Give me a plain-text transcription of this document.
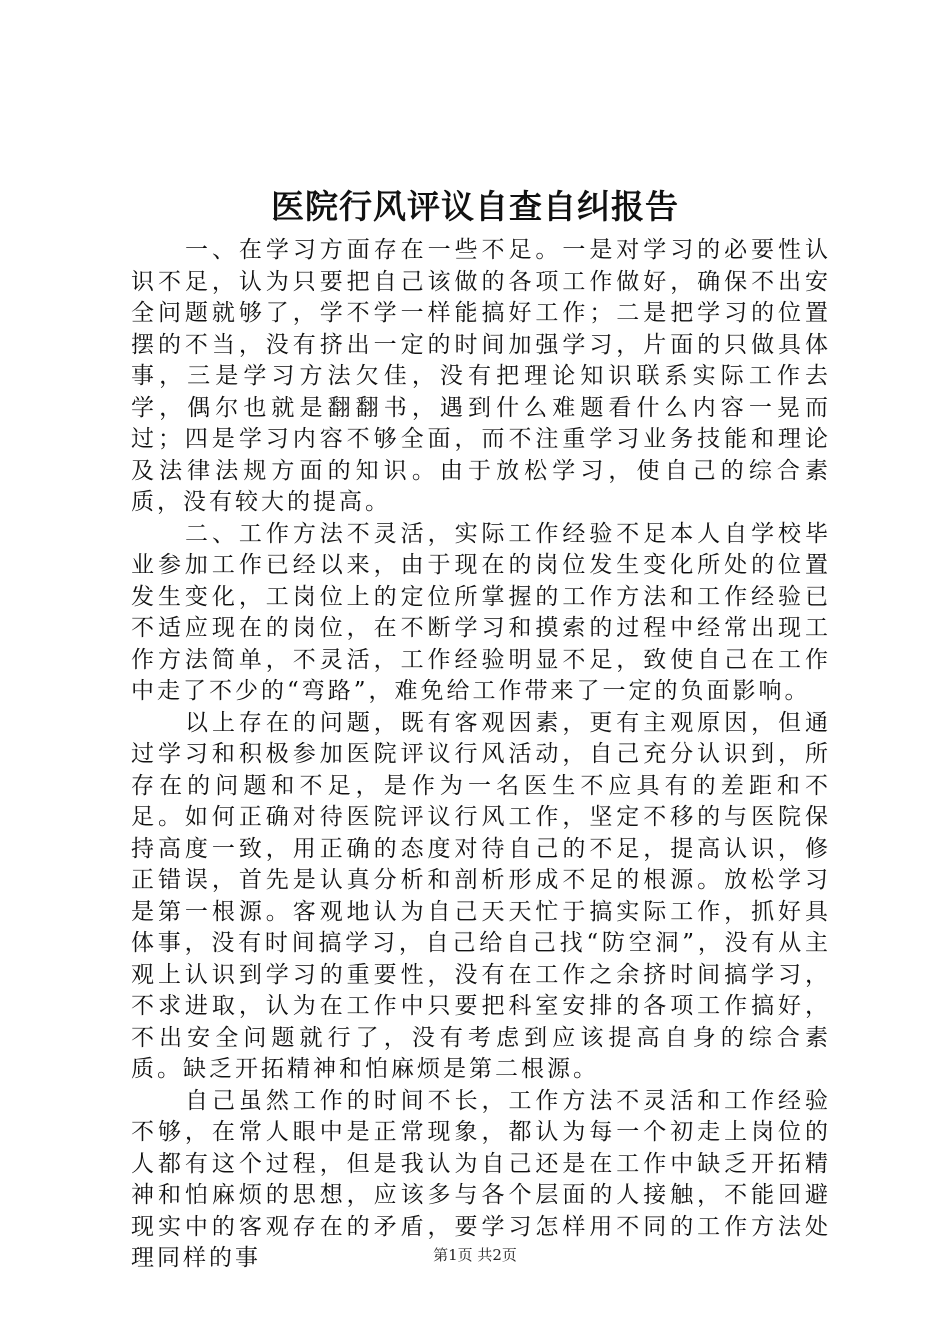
医院行风评议自查自纠报告

一、在学习方面存在一些不足。一是对学习的必要性认识不足，认为只要把自己该做的各项工作做好，确保不出安全问题就够了，学不学一样能搞好工作；二是把学习的位置摆的不当，没有挤出一定的时间加强学习，片面的只做具体事，三是学习方法欠佳，没有把理论知识联系实际工作去学，偶尔也就是翻翻书，遇到什么难题看什么内容一晃而过；四是学习内容不够全面，而不注重学习业务技能和理论及法律法规方面的知识。由于放松学习，使自己的综合素质，没有较大的提高。

二、工作方法不灵活，实际工作经验不足本人自学校毕业参加工作已经以来，由于现在的岗位发生变化所处的位置发生变化，工岗位上的定位所掌握的工作方法和工作经验已不适应现在的岗位，在不断学习和摸索的过程中经常出现工作方法简单，不灵活，工作经验明显不足，致使自己在工作中走了不少的“弯路”，难免给工作带来了一定的负面影响。

以上存在的问题，既有客观因素，更有主观原因，但通过学习和积极参加医院评议行风活动，自己充分认识到，所存在的问题和不足，是作为一名医生不应具有的差距和不足。如何正确对待医院评议行风工作，坚定不移的与医院保持高度一致，用正确的态度对待自己的不足，提高认识，修正错误，首先是认真分析和剖析形成不足的根源。放松学习是第一根源。客观地认为自己天天忙于搞实际工作，抓好具体事，没有时间搞学习，自己给自己找“防空洞”，没有从主观上认识到学习的重要性，没有在工作之余挤时间搞学习，不求进取，认为在工作中只要把科室安排的各项工作搞好，不出安全问题就行了，没有考虑到应该提高自身的综合素质。缺乏开拓精神和怕麻烦是第二根源。

自己虽然工作的时间不长，工作方法不灵活和工作经验不够，在常人眼中是正常现象，都认为每一个初走上岗位的人都有这个过程，但是我认为自己还是在工作中缺乏开拓精神和怕麻烦的思想，应该多与各个层面的人接触，不能回避现实中的客观存在的矛盾，要学习怎样用不同的工作方法处理同样的事	第1页 共2页
